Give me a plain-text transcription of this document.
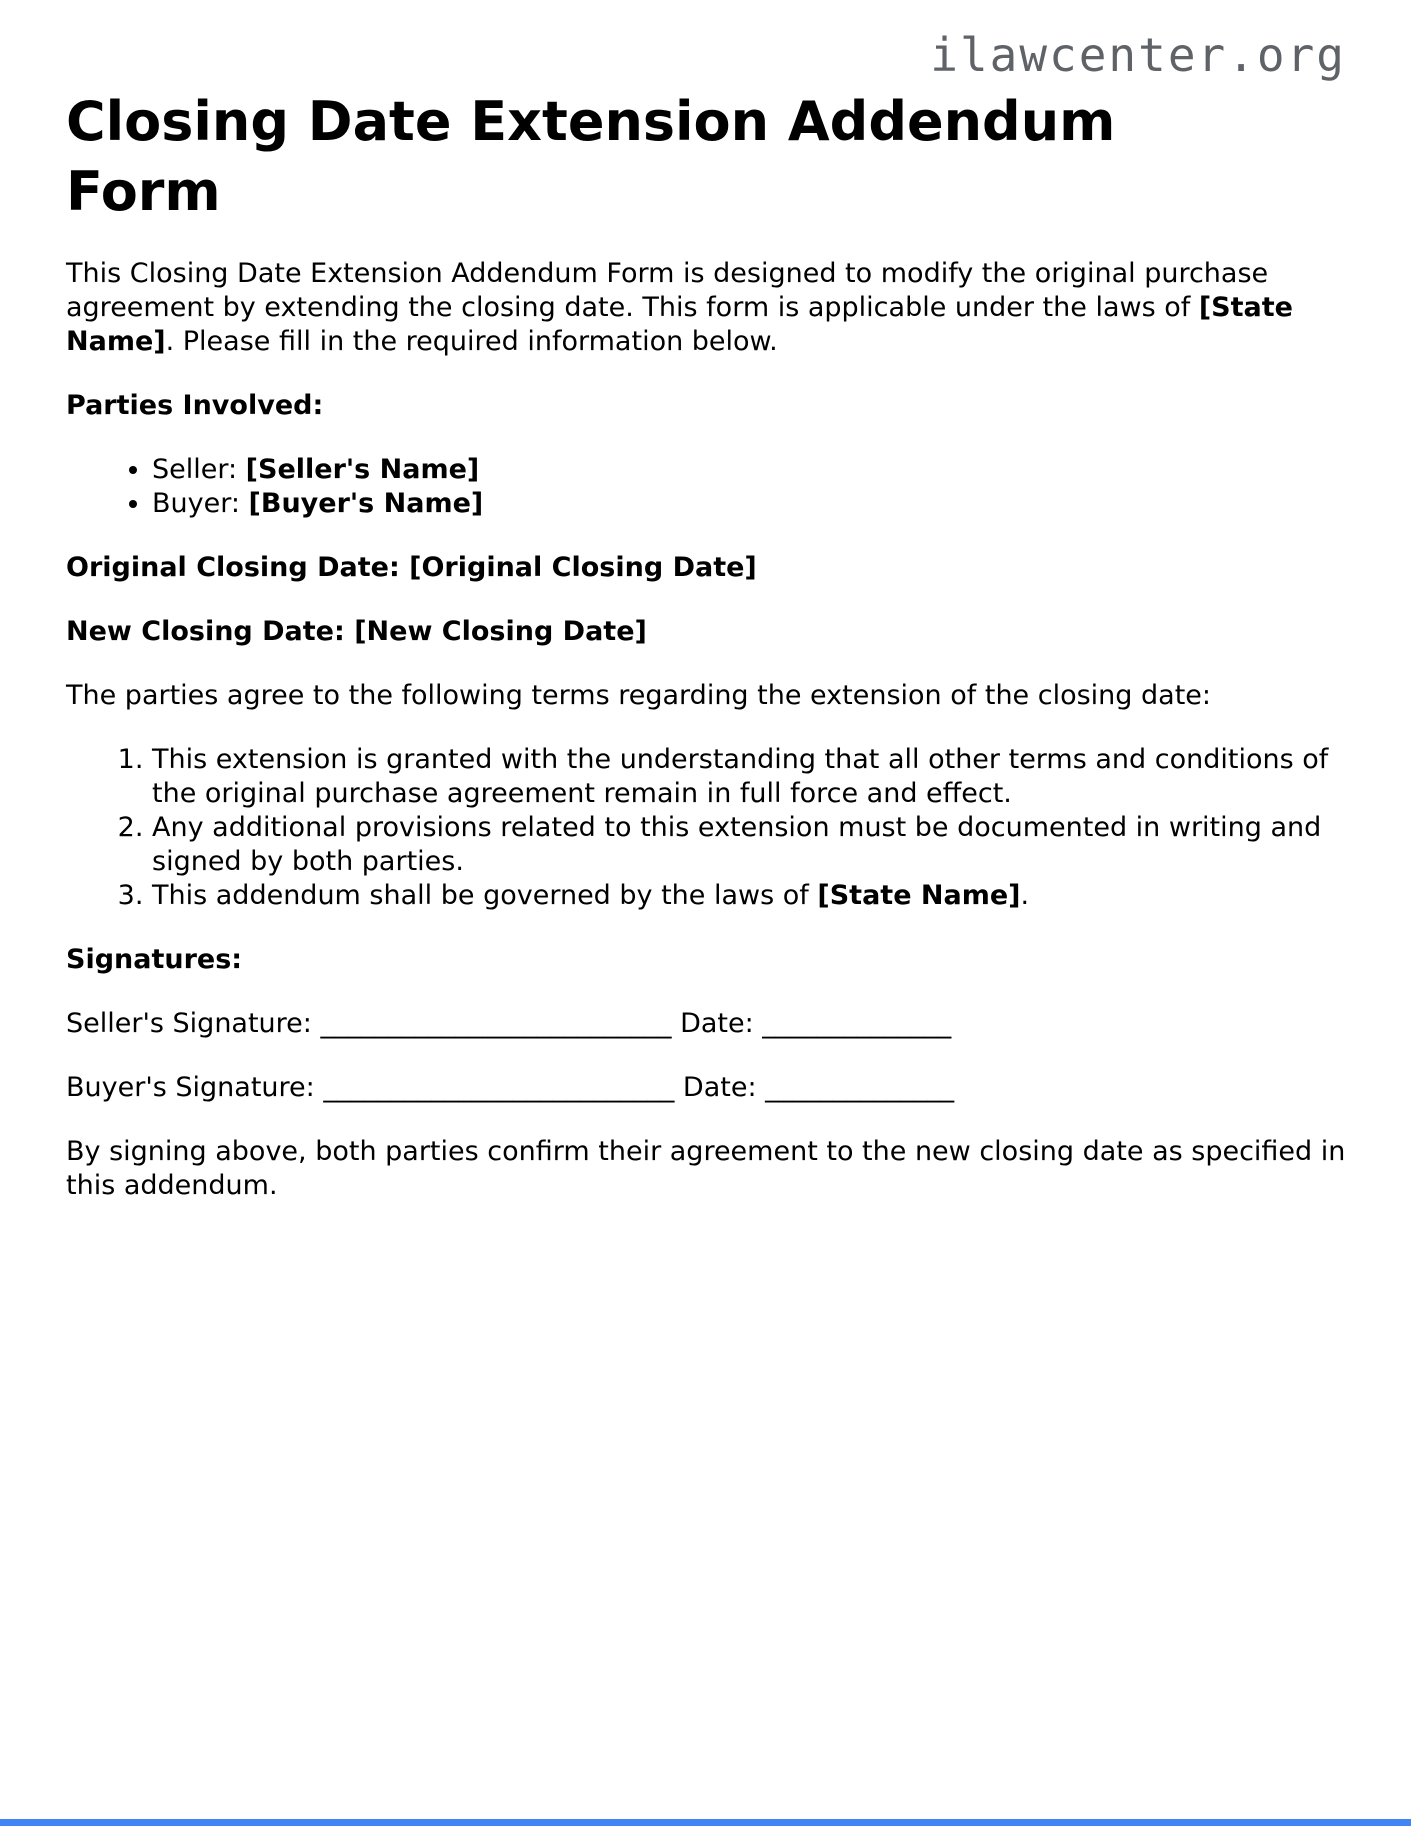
ilawcenter.org
Closing Date Extension Addendum Form

This Closing Date Extension Addendum Form is designed to modify the original purchase agreement by extending the closing date. This form is applicable under the laws of [State Name]. Please fill in the required information below.

Parties Involved:

• Seller: [Seller's Name]
• Buyer: [Buyer's Name]

Original Closing Date: [Original Closing Date]

New Closing Date: [New Closing Date]

The parties agree to the following terms regarding the extension of the closing date:

1. This extension is granted with the understanding that all other terms and conditions of the original purchase agreement remain in full force and effect.
2. Any additional provisions related to this extension must be documented in writing and signed by both parties.
3. This addendum shall be governed by the laws of [State Name].

Signatures:

Seller's Signature: __________________________ Date: ______________

Buyer's Signature: __________________________ Date: ______________

By signing above, both parties confirm their agreement to the new closing date as specified in this addendum.
